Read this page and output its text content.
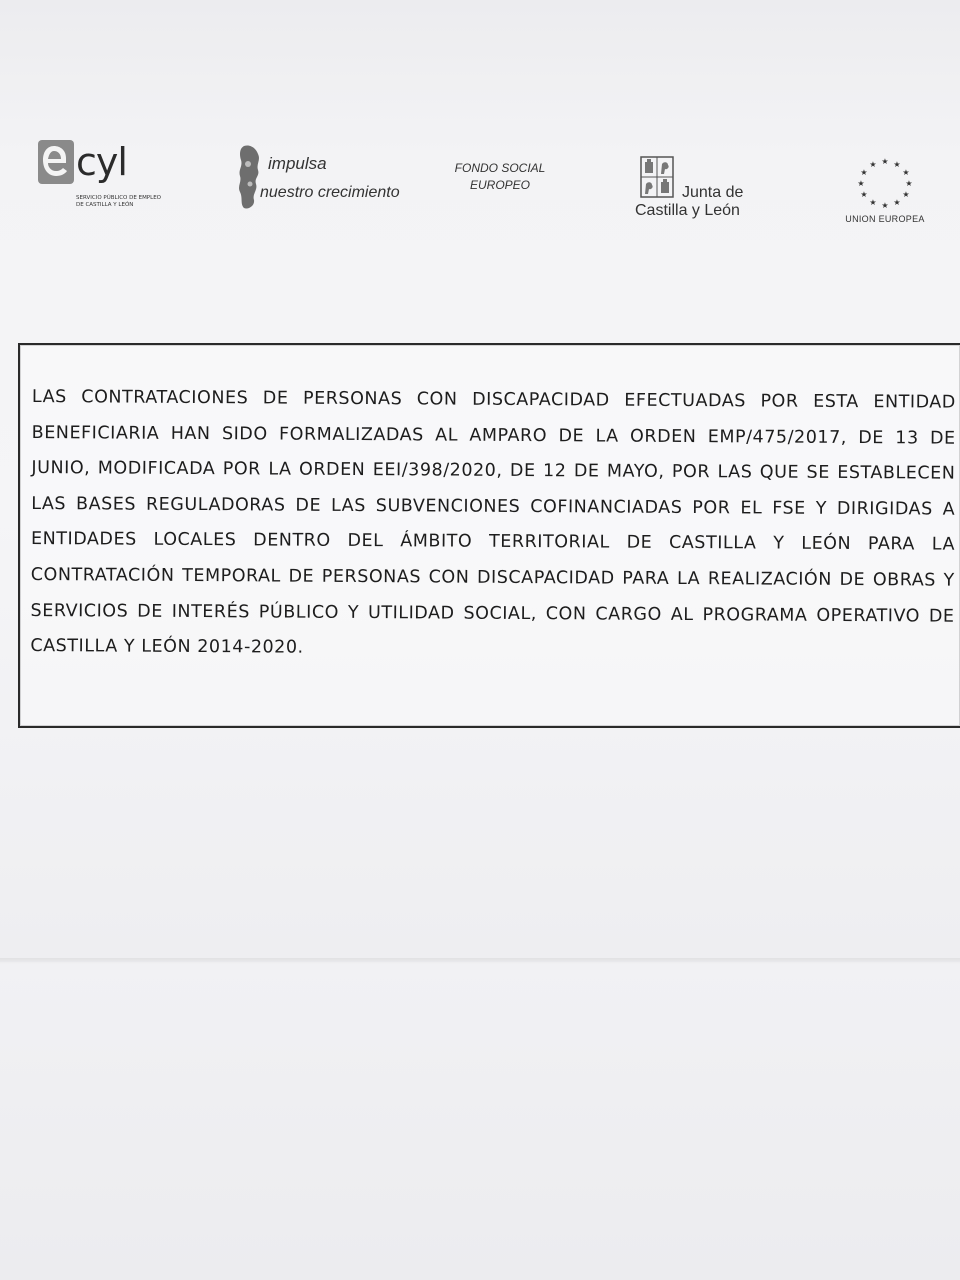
cyl
SERVICIO PÚBLICO DE EMPLEO
DE CASTILLA Y LEÓN
impulsa
nuestro crecimiento
FONDO SOCIAL
EUROPEO	Junta de
Castilla y León
★ ★
★
★
★
★
★
★
★
★
★
★
UNION EUROPEA

LAS CONTRATACIONES DE PERSONAS CON DISCAPACIDAD EFECTUADAS POR ESTA ENTIDAD BENEFICIARIA HAN SIDO FORMALIZADAS AL AMPARO DE LA ORDEN EMP/475/2017, DE 13 DE JUNIO, MODIFICADA POR LA ORDEN EEI/398/2020, DE 12 DE MAYO, POR LAS QUE SE ESTABLECEN LAS BASES REGULADORAS DE LAS SUBVENCIONES COFINANCIADAS POR EL FSE Y DIRIGIDAS A ENTIDADES LOCALES DENTRO DEL ÁMBITO TERRITORIAL DE CASTILLA Y LEÓN PARA LA CONTRATACIÓN TEMPORAL DE PERSONAS CON DISCAPACIDAD PARA LA REALIZACIÓN DE OBRAS Y SERVICIOS DE INTERÉS PÚBLICO Y UTILIDAD SOCIAL, CON CARGO AL PROGRAMA OPERATIVO DE CASTILLA Y LEÓN 2014-2020.
